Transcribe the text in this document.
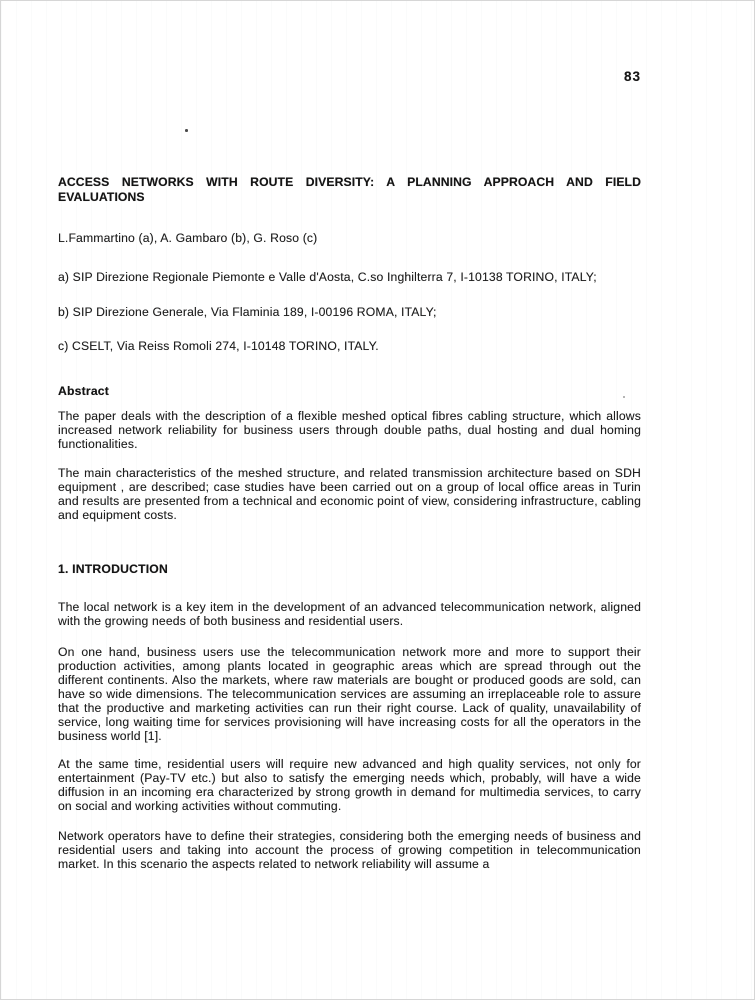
83
ACCESS NETWORKS WITH ROUTE DIVERSITY: A PLANNING APPROACH AND FIELD EVALUATIONS
L.Fammartino (a), A. Gambaro (b), G. Roso (c)
a) SIP Direzione Regionale Piemonte e Valle d'Aosta, C.so Inghilterra 7, I-10138 TORINO, ITALY;
b) SIP Direzione Generale, Via Flaminia 189, I-00196 ROMA, ITALY;
c) CSELT, Via Reiss Romoli 274, I-10148 TORINO, ITALY.
Abstract

The paper deals with the description of a flexible meshed optical fibres cabling structure, which allows increased network reliability for business users through double paths, dual hosting and dual homing functionalities.

The main characteristics of the meshed structure, and related transmission architecture based on SDH equipment , are described; case studies have been carried out on a group of local office areas in Turin and results are presented from a technical and economic point of view, considering infrastructure, cabling and equipment costs.

1. INTRODUCTION

The local network is a key item in the development of an advanced telecommunication network, aligned with the growing needs of both business and residential users.

On one hand, business users use the telecommunication network more and more to support their production activities, among plants located in geographic areas which are spread through out the different continents. Also the markets, where raw materials are bought or produced goods are sold, can have so wide dimensions. The telecommunication services are assuming an irreplaceable role to assure that the productive and marketing activities can run their right course. Lack of quality, unavailability of service, long waiting time for services provisioning will have increasing costs for all the operators in the business world [1].

At the same time, residential users will require new advanced and high quality services, not only for entertainment (Pay-TV etc.) but also to satisfy the emerging needs which, probably, will have a wide diffusion in an incoming era characterized by strong growth in demand for multimedia services, to carry on social and working activities without commuting.

Network operators have to define their strategies, considering both the emerging needs of business and residential users and taking into account the process of growing competition in telecommunication market. In this scenario the aspects related to network reliability will assume a
